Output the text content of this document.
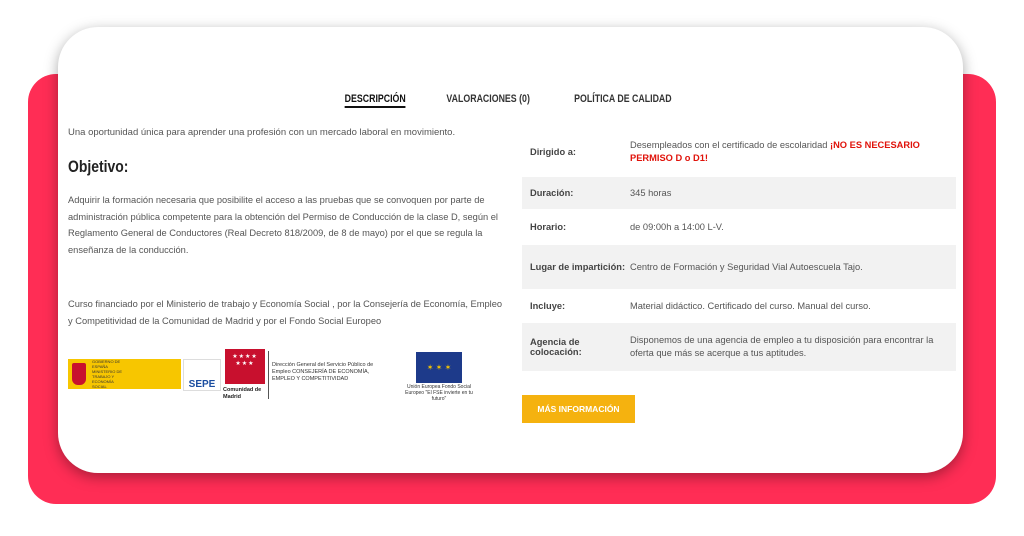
DESCRIPCIÓN	VALORACIONES (0)	POLÍTICA DE CALIDAD
Una oportunidad única para aprender una profesión con un mercado laboral en movimiento.
Objetivo:
Adquirir la formación necesaria que posibilite el acceso a las pruebas que se convoquen por parte de administración pública competente para la obtención del Permiso de Conducción de la clase D, según el Reglamento General de Conductores (Real Decreto 818/2009, de 8 de mayo) por el que se regula la enseñanza de la conducción.
Curso financiado por el Ministerio de trabajo y Economía Social , por la Consejería de Economía, Empleo y Competitividad de la Comunidad de Madrid y por el Fondo Social Europeo
GOBIERNO DE ESPAÑA MINISTERIO DE TRABAJO Y ECONOMÍA SOCIAL	SEPE
★★★★ ★★★
Comunidad de Madrid
Dirección General del Servicio Público de Empleo CONSEJERÍA DE ECONOMÍA, EMPLEO Y COMPETITIVIDAD
✶ ✶ ✶
Unión Europea Fondo Social Europeo "El FSE invierte en tu futuro"
Dirigido a:
Desempleados con el certificado de escolaridad ¡NO ES NECESARIO PERMISO D o D1!
Duración:	345 horas
Horario:	de 09:00h a 14:00 L-V.
Lugar de impartición: Centro de Formación y Seguridad Vial Autoescuela Tajo.
Incluye:	Material didáctico. Certificado del curso. Manual del curso.
Agencia de colocación:
Disponemos de una agencia de empleo a tu disposición para encontrar la oferta que más se acerque a tus aptitudes.
MÁS INFORMACIÓN
